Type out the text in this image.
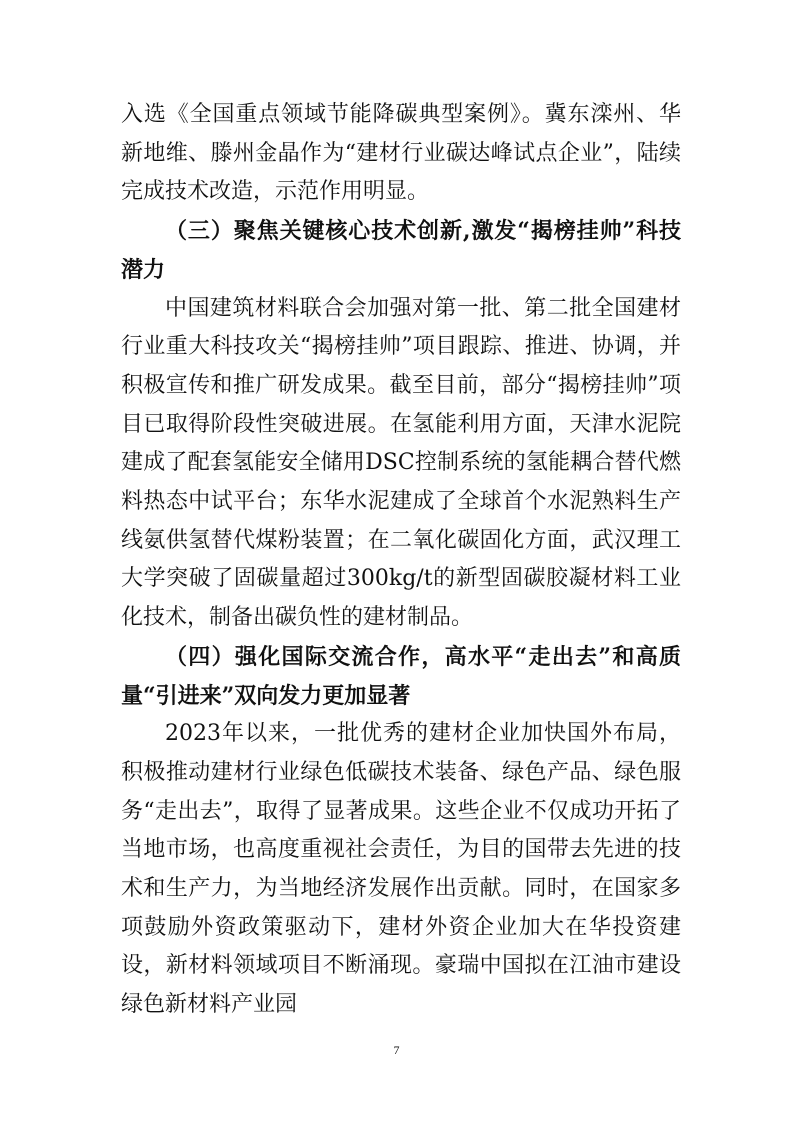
入选《全国重点领域节能降碳典型案例》。冀东滦州、华新地维、滕州金晶作为“建材行业碳达峰试点企业”，陆续完成技术改造，示范作用明显。

（三）聚焦关键核心技术创新,激发“揭榜挂帅”科技潜力

中国建筑材料联合会加强对第一批、第二批全国建材行业重大科技攻关“揭榜挂帅”项目跟踪、推进、协调，并积极宣传和推广研发成果。截至目前，部分“揭榜挂帅”项目已取得阶段性突破进展。在氢能利用方面，天津水泥院建成了配套氢能安全储用DSC控制系统的氢能耦合替代燃料热态中试平台；东华水泥建成了全球首个水泥熟料生产线氨供氢替代煤粉装置；在二氧化碳固化方面，武汉理工大学突破了固碳量超过300kg/t的新型固碳胶凝材料工业化技术，制备出碳负性的建材制品。

（四）强化国际交流合作，高水平“走出去”和高质量“引进来”双向发力更加显著

2023年以来，一批优秀的建材企业加快国外布局，积极推动建材行业绿色低碳技术装备、绿色产品、绿色服务“走出去”，取得了显著成果。这些企业不仅成功开拓了当地市场，也高度重视社会责任，为目的国带去先进的技术和生产力，为当地经济发展作出贡献。同时，在国家多项鼓励外资政策驱动下，建材外资企业加大在华投资建设，新材料领域项目不断涌现。豪瑞中国拟在江油市建设绿色新材料产业园

7
